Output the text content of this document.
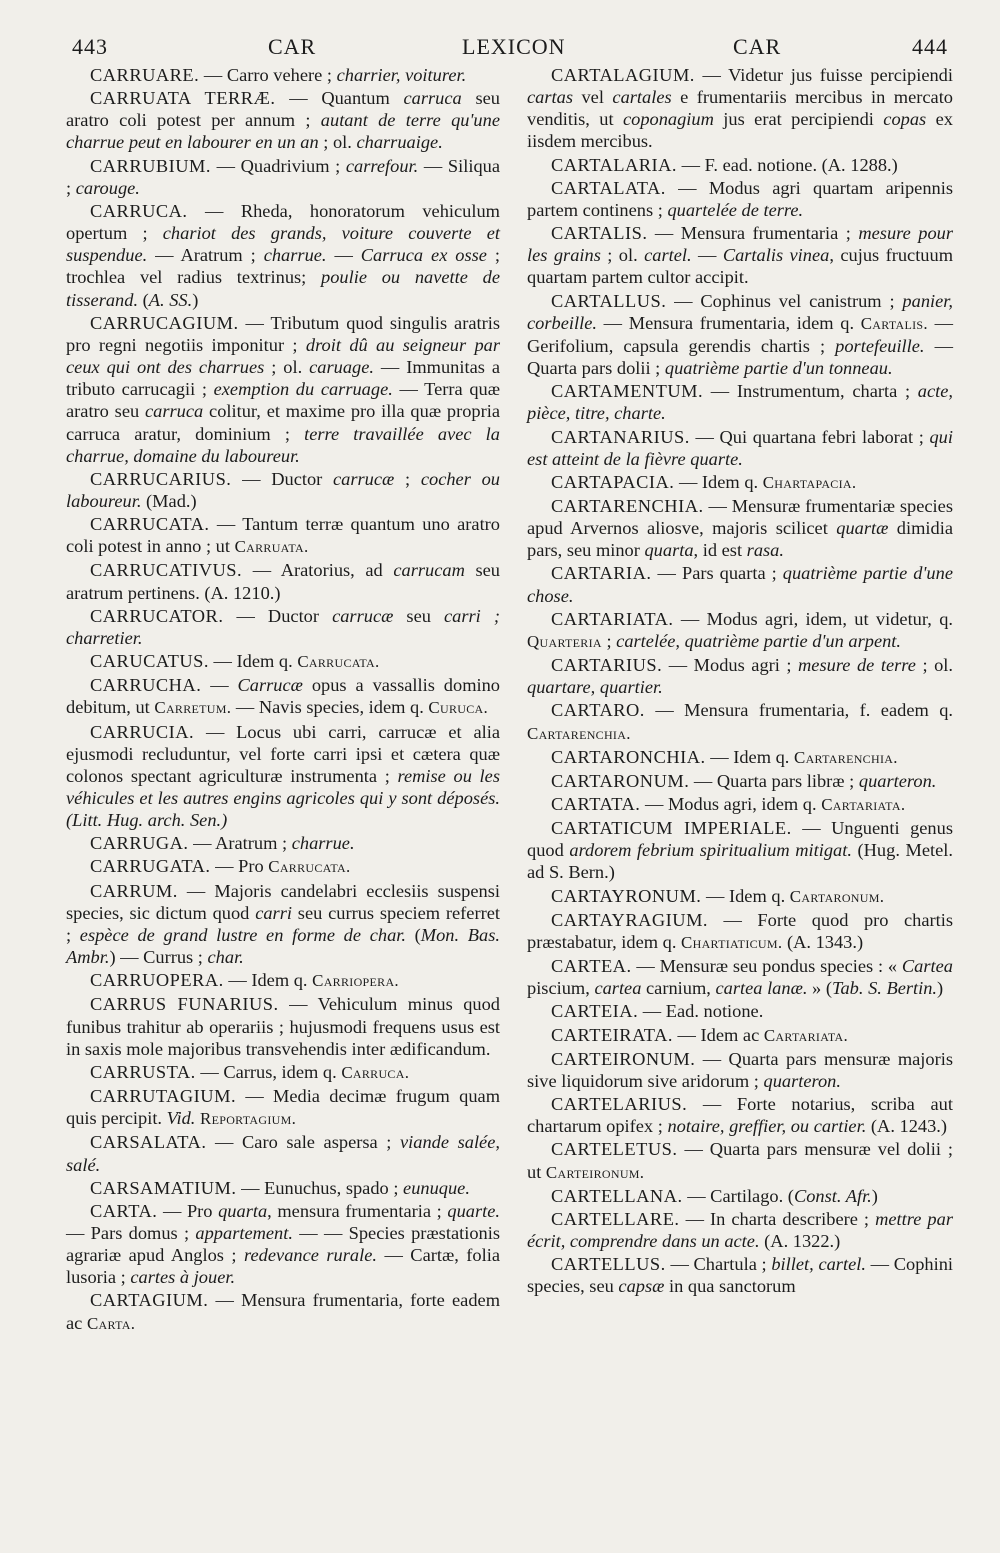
443	CAR	LEXICON	CAR	444

CARRUARE. — Carro vehere ; charrier, voiturer.

CARRUATA TERRÆ. — Quantum carruca seu aratro coli potest per annum ; autant de terre qu'une charrue peut en labourer en un an ; ol. charruaige.

CARRUBIUM. — Quadrivium ; carrefour. — Siliqua ; carouge.

CARRUCA. — Rheda, honoratorum vehiculum opertum ; chariot des grands, voiture couverte et suspendue. — Aratrum ; charrue. — Carruca ex osse ; trochlea vel radius textrinus; poulie ou navette de tisserand. (A. SS.)

CARRUCAGIUM. — Tributum quod singulis aratris pro regni negotiis imponitur ; droit dû au seigneur par ceux qui ont des charrues ; ol. caruage. — Immunitas a tributo carrucagii ; exemption du carruage. — Terra quæ aratro seu carruca colitur, et maxime pro illa quæ propria carruca aratur, dominium ; terre travaillée avec la charrue, domaine du laboureur.

CARRUCARIUS. — Ductor carrucæ ; cocher ou laboureur. (Mad.)

CARRUCATA. — Tantum terræ quantum uno aratro coli potest in anno ; ut Carruata.

CARRUCATIVUS. — Aratorius, ad carrucam seu aratrum pertinens. (A. 1210.)

CARRUCATOR. — Ductor carrucæ seu carri ; charretier.

CARUCATUS. — Idem q. Carrucata.

CARRUCHA. — Carrucæ opus a vassallis domino debitum, ut Carretum. — Navis species, idem q. Curuca.

CARRUCIA. — Locus ubi carri, carrucæ et alia ejusmodi recluduntur, vel forte carri ipsi et cætera quæ colonos spectant agriculturæ instrumenta ; remise ou les véhicules et les autres engins agricoles qui y sont déposés. (Litt. Hug. arch. Sen.)

CARRUGA. — Aratrum ; charrue.

CARRUGATA. — Pro Carrucata.

CARRUM. — Majoris candelabri ecclesiis suspensi species, sic dictum quod carri seu currus speciem referret ; espèce de grand lustre en forme de char. (Mon. Bas. Ambr.) — Currus ; char.

CARRUOPERA. — Idem q. Carriopera.

CARRUS FUNARIUS. — Vehiculum minus quod funibus trahitur ab operariis ; hujusmodi frequens usus est in saxis mole majoribus transvehendis inter ædificandum.

CARRUSTA. — Carrus, idem q. Carruca.

CARRUTAGIUM. — Media decimæ frugum quam quis percipit. Vid. Reportagium.

CARSALATA. — Caro sale aspersa ; viande salée, salé.

CARSAMATIUM. — Eunuchus, spado ; eunuque.

CARTA. — Pro quarta, mensura frumentaria ; quarte. — Pars domus ; appartement. — — Species præstationis agrariæ apud Anglos ; redevance rurale. — Cartæ, folia lusoria ; cartes à jouer.

CARTAGIUM. — Mensura frumentaria, forte eadem ac Carta.

CARTALAGIUM. — Videtur jus fuisse percipiendi cartas vel cartales e frumentariis mercibus in mercato venditis, ut coponagium jus erat percipiendi copas ex iisdem mercibus.

CARTALARIA. — F. ead. notione. (A. 1288.)

CARTALATA. — Modus agri quartam aripennis partem continens ; quartelée de terre.

CARTALIS. — Mensura frumentaria ; mesure pour les grains ; ol. cartel. — Cartalis vinea, cujus fructuum quartam partem cultor accipit.

CARTALLUS. — Cophinus vel canistrum ; panier, corbeille. — Mensura frumentaria, idem q. Cartalis. — Gerifolium, capsula gerendis chartis ; portefeuille. — Quarta pars dolii ; quatrième partie d'un tonneau.

CARTAMENTUM. — Instrumentum, charta ; acte, pièce, titre, charte.

CARTANARIUS. — Qui quartana febri laborat ; qui est atteint de la fièvre quarte.

CARTAPACIA. — Idem q. Chartapacia.

CARTARENCHIA. — Mensuræ frumentariæ species apud Arvernos aliosve, majoris scilicet quartæ dimidia pars, seu minor quarta, id est rasa.

CARTARIA. — Pars quarta ; quatrième partie d'une chose.

CARTARIATA. — Modus agri, idem, ut videtur, q. Quarteria ; cartelée, quatrième partie d'un arpent.

CARTARIUS. — Modus agri ; mesure de terre ; ol. quartare, quartier.

CARTARO. — Mensura frumentaria, f. eadem q. Cartarenchia.

CARTARONCHIA. — Idem q. Cartarenchia.

CARTARONUM. — Quarta pars libræ ; quarteron.

CARTATA. — Modus agri, idem q. Cartariata.

CARTATICUM IMPERIALE. — Unguenti genus quod ardorem febrium spiritualium mitigat. (Hug. Metel. ad S. Bern.)

CARTAYRONUM. — Idem q. Cartaronum.

CARTAYRAGIUM. — Forte quod pro chartis præstabatur, idem q. Chartiaticum. (A. 1343.)

CARTEA. — Mensuræ seu pondus species : « Cartea piscium, cartea carnium, cartea lanæ. » (Tab. S. Bertin.)

CARTEIA. — Ead. notione.

CARTEIRATA. — Idem ac Cartariata.

CARTEIRONUM. — Quarta pars mensuræ majoris sive liquidorum sive aridorum ; quarteron.

CARTELARIUS. — Forte notarius, scriba aut chartarum opifex ; notaire, greffier, ou cartier. (A. 1243.)

CARTELETUS. — Quarta pars mensuræ vel dolii ; ut Carteironum.

CARTELLANA. — Cartilago. (Const. Afr.)

CARTELLARE. — In charta describere ; mettre par écrit, comprendre dans un acte. (A. 1322.)

CARTELLUS. — Chartula ; billet, cartel. — Cophini species, seu capsæ in qua sanctorum
